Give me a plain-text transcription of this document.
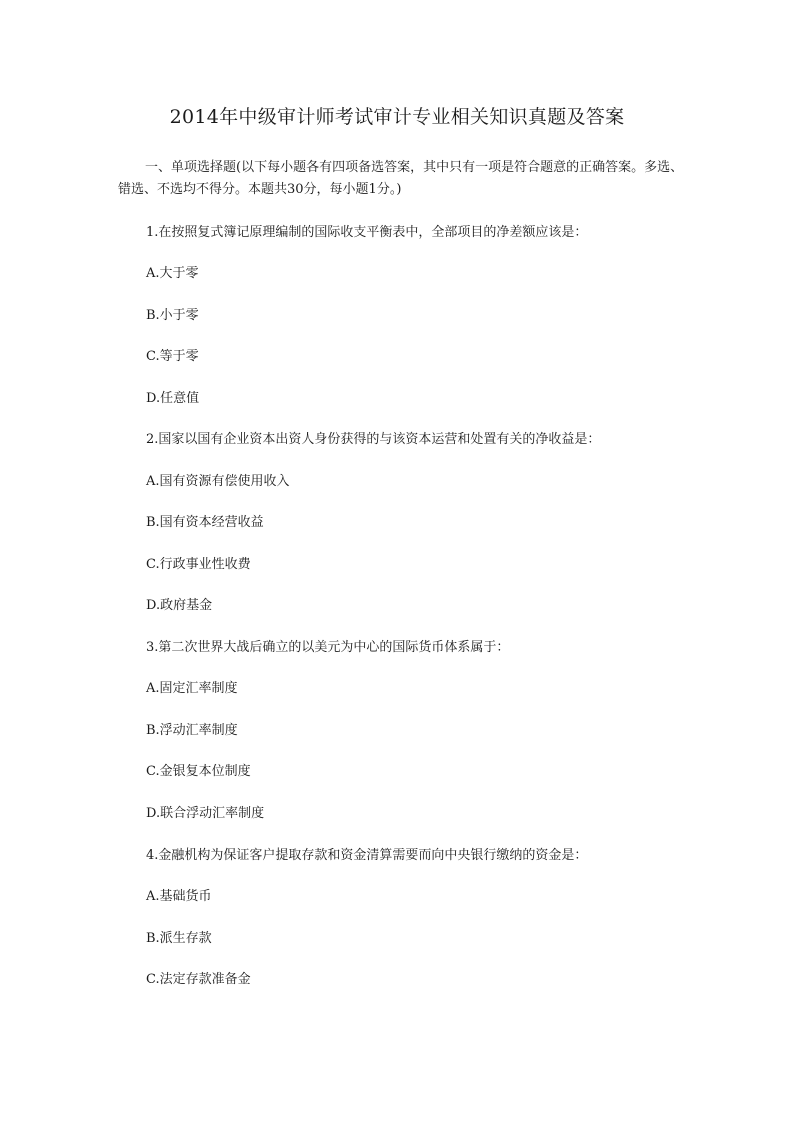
2014年中级审计师考试审计专业相关知识真题及答案
一、单项选择题(以下每小题各有四项备选答案，其中只有一项是符合题意的正确答案。多选、错选、不选均不得分。本题共30分，每小题1分。)
1.在按照复式簿记原理编制的国际收支平衡表中，全部项目的净差额应该是：
A.大于零
B.小于零
C.等于零
D.任意值
2.国家以国有企业资本出资人身份获得的与该资本运营和处置有关的净收益是：
A.国有资源有偿使用收入
B.国有资本经营收益
C.行政事业性收费
D.政府基金
3.第二次世界大战后确立的以美元为中心的国际货币体系属于：
A.固定汇率制度
B.浮动汇率制度
C.金银复本位制度
D.联合浮动汇率制度
4.金融机构为保证客户提取存款和资金清算需要而向中央银行缴纳的资金是：
A.基础货币
B.派生存款
C.法定存款准备金
